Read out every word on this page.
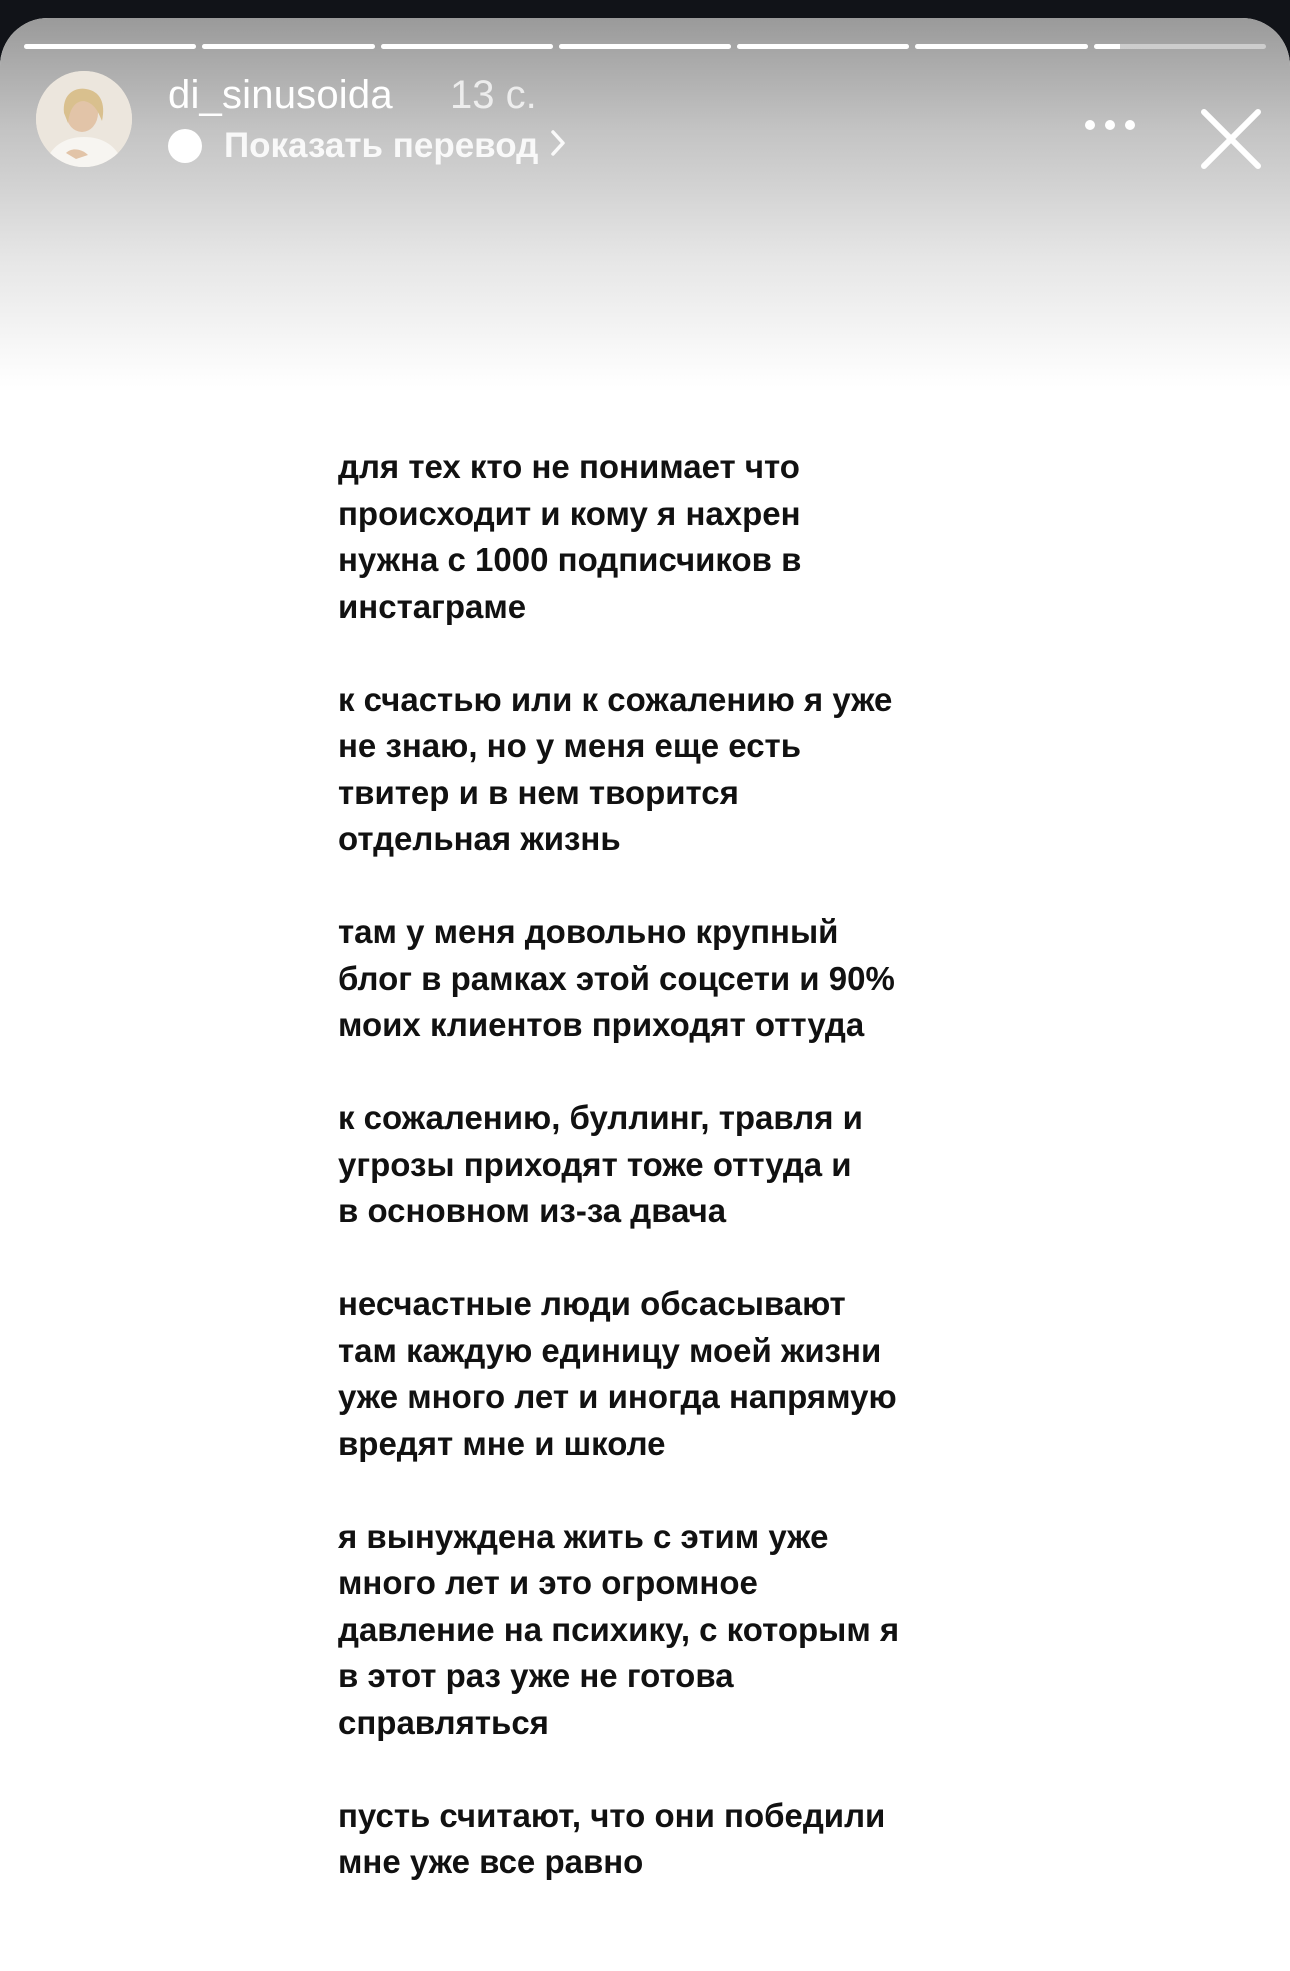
di_sinusoida 13 с.
Показать перевод
для тех кто не понимает что
происходит и кому я нахрен
нужна с 1000 подписчиков в
инстаграме
к счастью или к сожалению я уже
не знаю, но у меня еще есть
твитер и в нем творится
отдельная жизнь
там у меня довольно крупный
блог в рамках этой соцсети и 90%
моих клиентов приходят оттуда
к сожалению, буллинг, травля и
угрозы приходят тоже оттуда и
в основном из-за двача
несчастные люди обсасывают
там каждую единицу моей жизни
уже много лет и иногда напрямую
вредят мне и школе
я вынуждена жить с этим уже
много лет и это огромное
давление на психику, с которым я
в этот раз уже не готова
справляться
пусть считают, что они победили
мне уже все равно
